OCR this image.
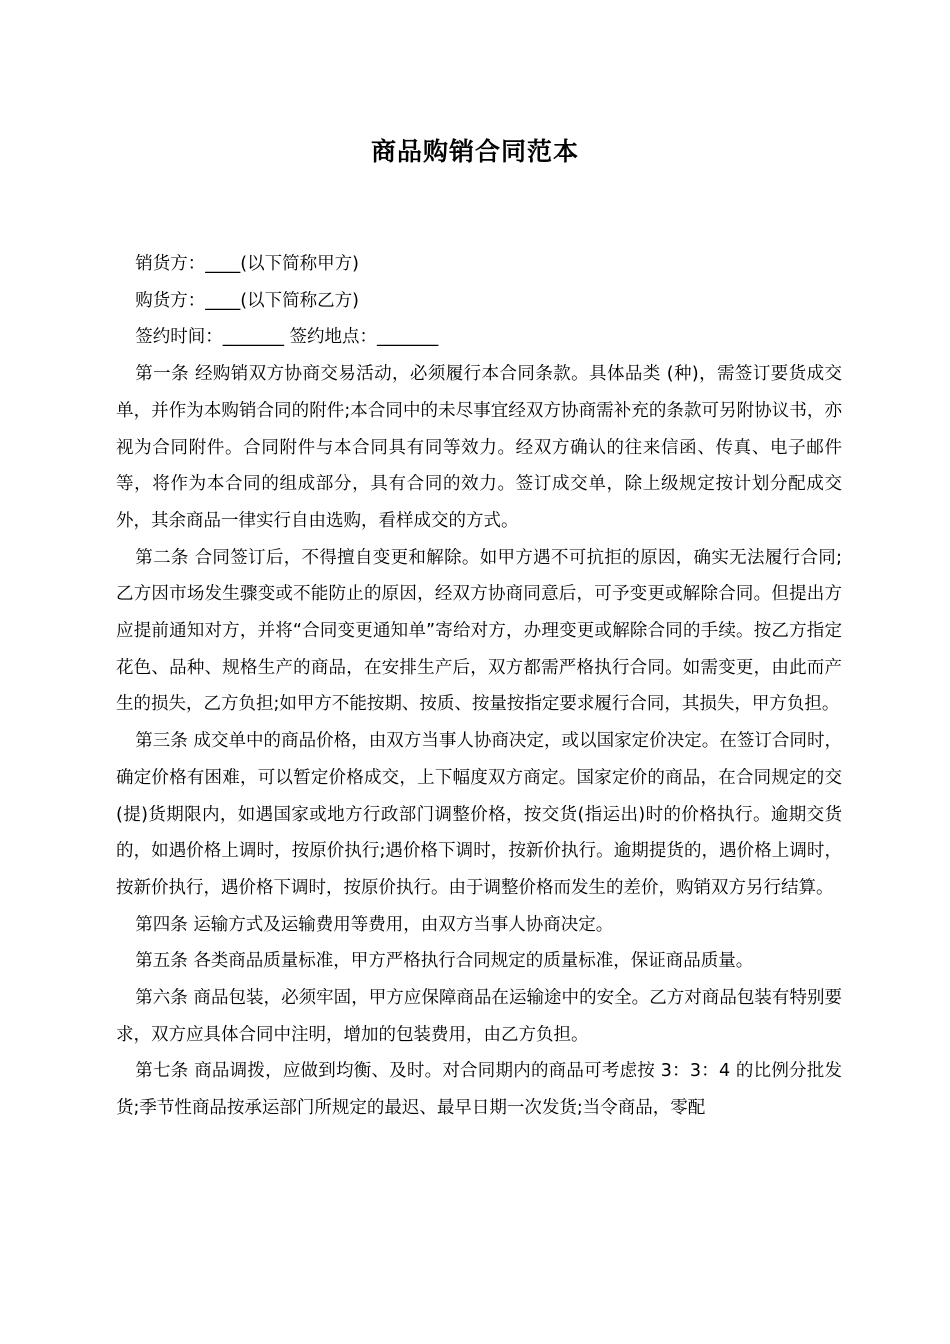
商品购销合同范本
销货方：____(以下简称甲方)
购货方：____(以下简称乙方)
签约时间：_______ 签约地点：_______

第一条 经购销双方协商交易活动，必须履行本合同条款。具体品类 (种)，需签订要货成交单，并作为本购销合同的附件;本合同中的未尽事宜经双方协商需补充的条款可另附协议书，亦视为合同附件。合同附件与本合同具有同等效力。经双方确认的往来信函、传真、电子邮件等，将作为本合同的组成部分，具有合同的效力。签订成交单，除上级规定按计划分配成交外，其余商品一律实行自由选购，看样成交的方式。

第二条 合同签订后，不得擅自变更和解除。如甲方遇不可抗拒的原因，确实无法履行合同;乙方因市场发生骤变或不能防止的原因，经双方协商同意后，可予变更或解除合同。但提出方应提前通知对方，并将“合同变更通知单”寄给对方，办理变更或解除合同的手续。按乙方指定花色、品种、规格生产的商品，在安排生产后，双方都需严格执行合同。如需变更，由此而产生的损失，乙方负担;如甲方不能按期、按质、按量按指定要求履行合同，其损失，甲方负担。

第三条 成交单中的商品价格，由双方当事人协商决定，或以国家定价决定。在签订合同时，确定价格有困难，可以暂定价格成交，上下幅度双方商定。国家定价的商品，在合同规定的交(提)货期限内，如遇国家或地方行政部门调整价格，按交货(指运出)时的价格执行。逾期交货的，如遇价格上调时，按原价执行;遇价格下调时，按新价执行。逾期提货的，遇价格上调时，按新价执行，遇价格下调时，按原价执行。由于调整价格而发生的差价，购销双方另行结算。

第四条 运输方式及运输费用等费用，由双方当事人协商决定。

第五条 各类商品质量标准，甲方严格执行合同规定的质量标准，保证商品质量。

第六条 商品包装，必须牢固，甲方应保障商品在运输途中的安全。乙方对商品包装有特别要求，双方应具体合同中注明，增加的包装费用，由乙方负担。

第七条 商品调拨，应做到均衡、及时。对合同期内的商品可考虑按 3：3：4 的比例分批发货;季节性商品按承运部门所规定的最迟、最早日期一次发货;当令商品，零配
